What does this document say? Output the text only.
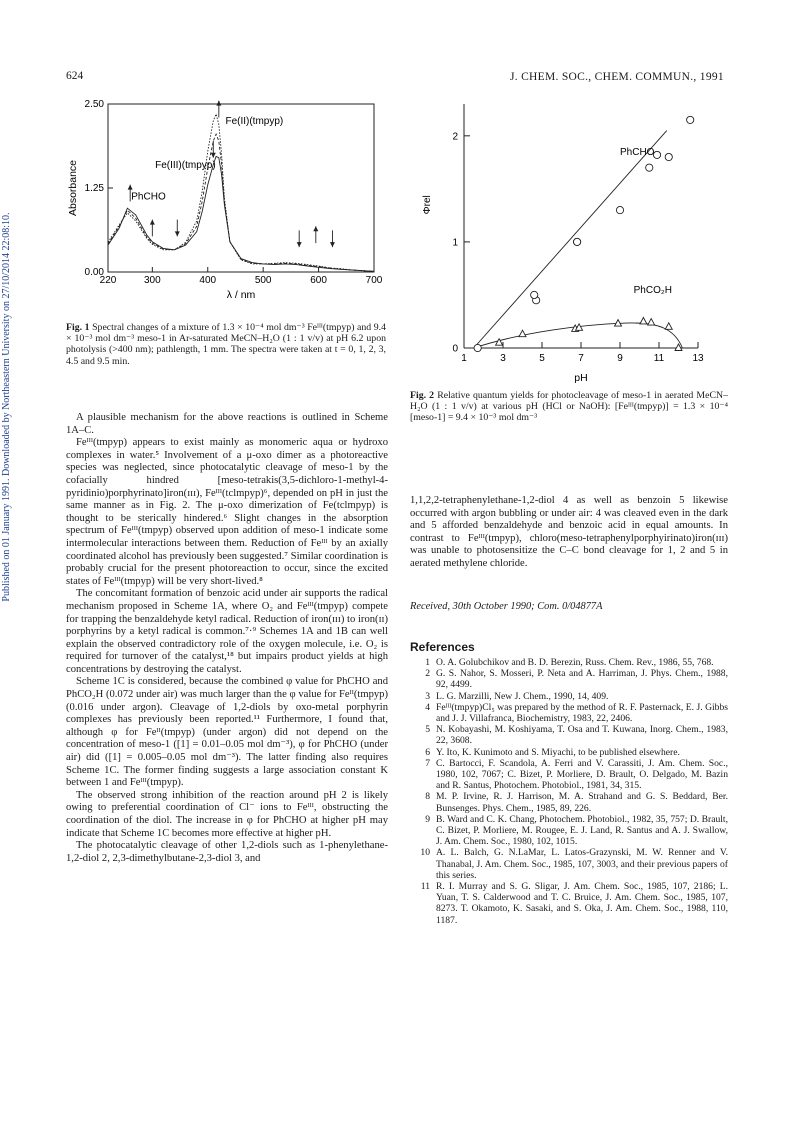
624	J. CHEM. SOC., CHEM. COMMUN., 1991
Published on 01 January 1991. Downloaded by Northeastern University on 27/10/2014 22:08:10.	220	300	400	500	600	700
2.50
1.25
0.00
λ / nm
Absorbance
Fe(II)(tmpyp)
Fe(III)(tmpyp)
PhCHO
Fig. 1 Spectral changes of a mixture of 1.3 × 10⁻⁴ mol dm⁻³ Feᴵᴵᴵ(tmpyp) and 9.4 × 10⁻³ mol dm⁻³ meso-1 in Ar-saturated MeCN–H₂O (1 : 1 v/v) at pH 6.2 upon photolysis (>400 nm); pathlength, 1 mm. The spectra were taken at t = 0, 1, 2, 3, 4.5 and 9.5 min.	1	3	5	7	9	11	13
0
1
2
pH
Φrel
PhCHO
PhCO₂H
Fig. 2 Relative quantum yields for photocleavage of meso-1 in aerated MeCN–H₂O (1 : 1 v/v) at various pH (HCl or NaOH): [Feᴵᴵᴵ(tmpyp)] = 1.3 × 10⁻⁴ [meso-1] = 9.4 × 10⁻³ mol dm⁻³

A plausible mechanism for the above reactions is outlined in Scheme 1A–C.

Feᴵᴵᴵ(tmpyp) appears to exist mainly as monomeric aqua or hydroxo complexes in water.⁵ Involvement of a μ-oxo dimer as a photoreactive species was neglected, since photocatalytic cleavage of meso-1 by the cofacially hindred [meso-tetrakis(3,5-dichloro-1-methyl-4-pyridinio)porphyrinato]iron(ɪɪɪ), Feᴵᴵᴵ(tclmpyp)⁶, depended on pH in just the same manner as in Fig. 2. The μ-oxo dimerization of Fe(tclmpyp) is thought to be sterically hindered.⁶ Slight changes in the absorption spectrum of Feᴵᴵᴵ(tmpyp) observed upon addition of meso-1 indicate some intermolecular interactions between them. Reduction of Feᴵᴵᴵ by an axially coordinated alcohol has previously been suggested.⁷ Similar coordination is probably crucial for the present photoreaction to occur, since the excited states of Feᴵᴵᴵ(tmpyp) will be very short-lived.⁸

The concomitant formation of benzoic acid under air supports the radical mechanism proposed in Scheme 1A, where O₂ and Feᴵᴵᴵ(tmpyp) compete for trapping the benzaldehyde ketyl radical. Reduction of iron(ɪɪɪ) to iron(ɪɪ) porphyrins by a ketyl radical is common.⁷·⁹ Schemes 1A and 1B can well explain the observed contradictory role of the oxygen molecule, i.e. O₂ is required for turnover of the catalyst,¹⁸ but impairs product yields at high concentrations by destroying the catalyst.

Scheme 1C is considered, because the combined φ value for PhCHO and PhCO₂H (0.072 under air) was much larger than the φ value for Feᴵᴵ(tmpyp) (0.016 under argon). Cleavage of 1,2-diols by oxo-metal porphyrin complexes has previously been reported.¹¹ Furthermore, I found that, although φ for Feᴵᴵ(tmpyp) (under argon) did not depend on the concentration of meso-1 ([1] = 0.01–0.05 mol dm⁻³), φ for PhCHO (under air) did ([1] = 0.005–0.05 mol dm⁻³). The latter finding also requires Scheme 1C. The former finding suggests a large association constant K between 1 and Feᴵᴵᴵ(tmpyp).

The observed strong inhibition of the reaction around pH 2 is likely owing to preferential coordination of Cl⁻ ions to Feᴵᴵᴵ, obstructing the coordination of the diol. The increase in φ for PhCHO at higher pH may indicate that Scheme 1C becomes more effective at higher pH.

The photocatalytic cleavage of other 1,2-diols such as 1-phenylethane-1,2-diol 2, 2,3-dimethylbutane-2,3-diol 3, and

1,1,2,2-tetraphenylethane-1,2-diol 4 as well as benzoin 5 likewise occurred with argon bubbling or under air: 4 was cleaved even in the dark and 5 afforded benzaldehyde and benzoic acid in equal amounts. In contrast to Feᴵᴵᴵ(tmpyp), chloro(meso-tetraphenylporphyirinato)iron(ɪɪɪ) was unable to photosensitize the C–C bond cleavage for 1, 2 and 5 in aerated methylene chloride.

Received, 30th October 1990; Com. 0/04877A
References
1 O. A. Golubchikov and B. D. Berezin, Russ. Chem. Rev., 1986, 55, 768.
2 G. S. Nahor, S. Mosseri, P. Neta and A. Harriman, J. Phys. Chem., 1988, 92, 4499.
3 L. G. Marzilli, New J. Chem., 1990, 14, 409.
4 Feᴵᴵᴵ(tmpyp)Cl₅ was prepared by the method of R. F. Pasternack, E. J. Gibbs and J. J. Villafranca, Biochemistry, 1983, 22, 2406.
5 N. Kobayashi, M. Koshiyama, T. Osa and T. Kuwana, Inorg. Chem., 1983, 22, 3608.
6 Y. Ito, K. Kunimoto and S. Miyachi, to be published elsewhere.
7 C. Bartocci, F. Scandola, A. Ferri and V. Carassiti, J. Am. Chem. Soc., 1980, 102, 7067; C. Bizet, P. Morliere, D. Brault, O. Delgado, M. Bazin and R. Santus, Photochem. Photobiol., 1981, 34, 315.
8 M. P. Irvine, R. J. Harrison, M. A. Strahand and G. S. Beddard, Ber. Bunsenges. Phys. Chem., 1985, 89, 226.
9 B. Ward and C. K. Chang, Photochem. Photobiol., 1982, 35, 757; D. Brault, C. Bizet, P. Morliere, M. Rougee, E. J. Land, R. Santus and A. J. Swallow, J. Am. Chem. Soc., 1980, 102, 1015.
10 A. L. Balch, G. N.LaMar, L. Latos-Grazynski, M. W. Renner and V. Thanabal, J. Am. Chem. Soc., 1985, 107, 3003, and their previous papers of this series.
11 R. I. Murray and S. G. Sligar, J. Am. Chem. Soc., 1985, 107, 2186; L. Yuan, T. S. Calderwood and T. C. Bruice, J. Am. Chem. Soc., 1985, 107, 8273. T. Okamoto, K. Sasaki, and S. Oka, J. Am. Chem. Soc., 1988, 110, 1187.
